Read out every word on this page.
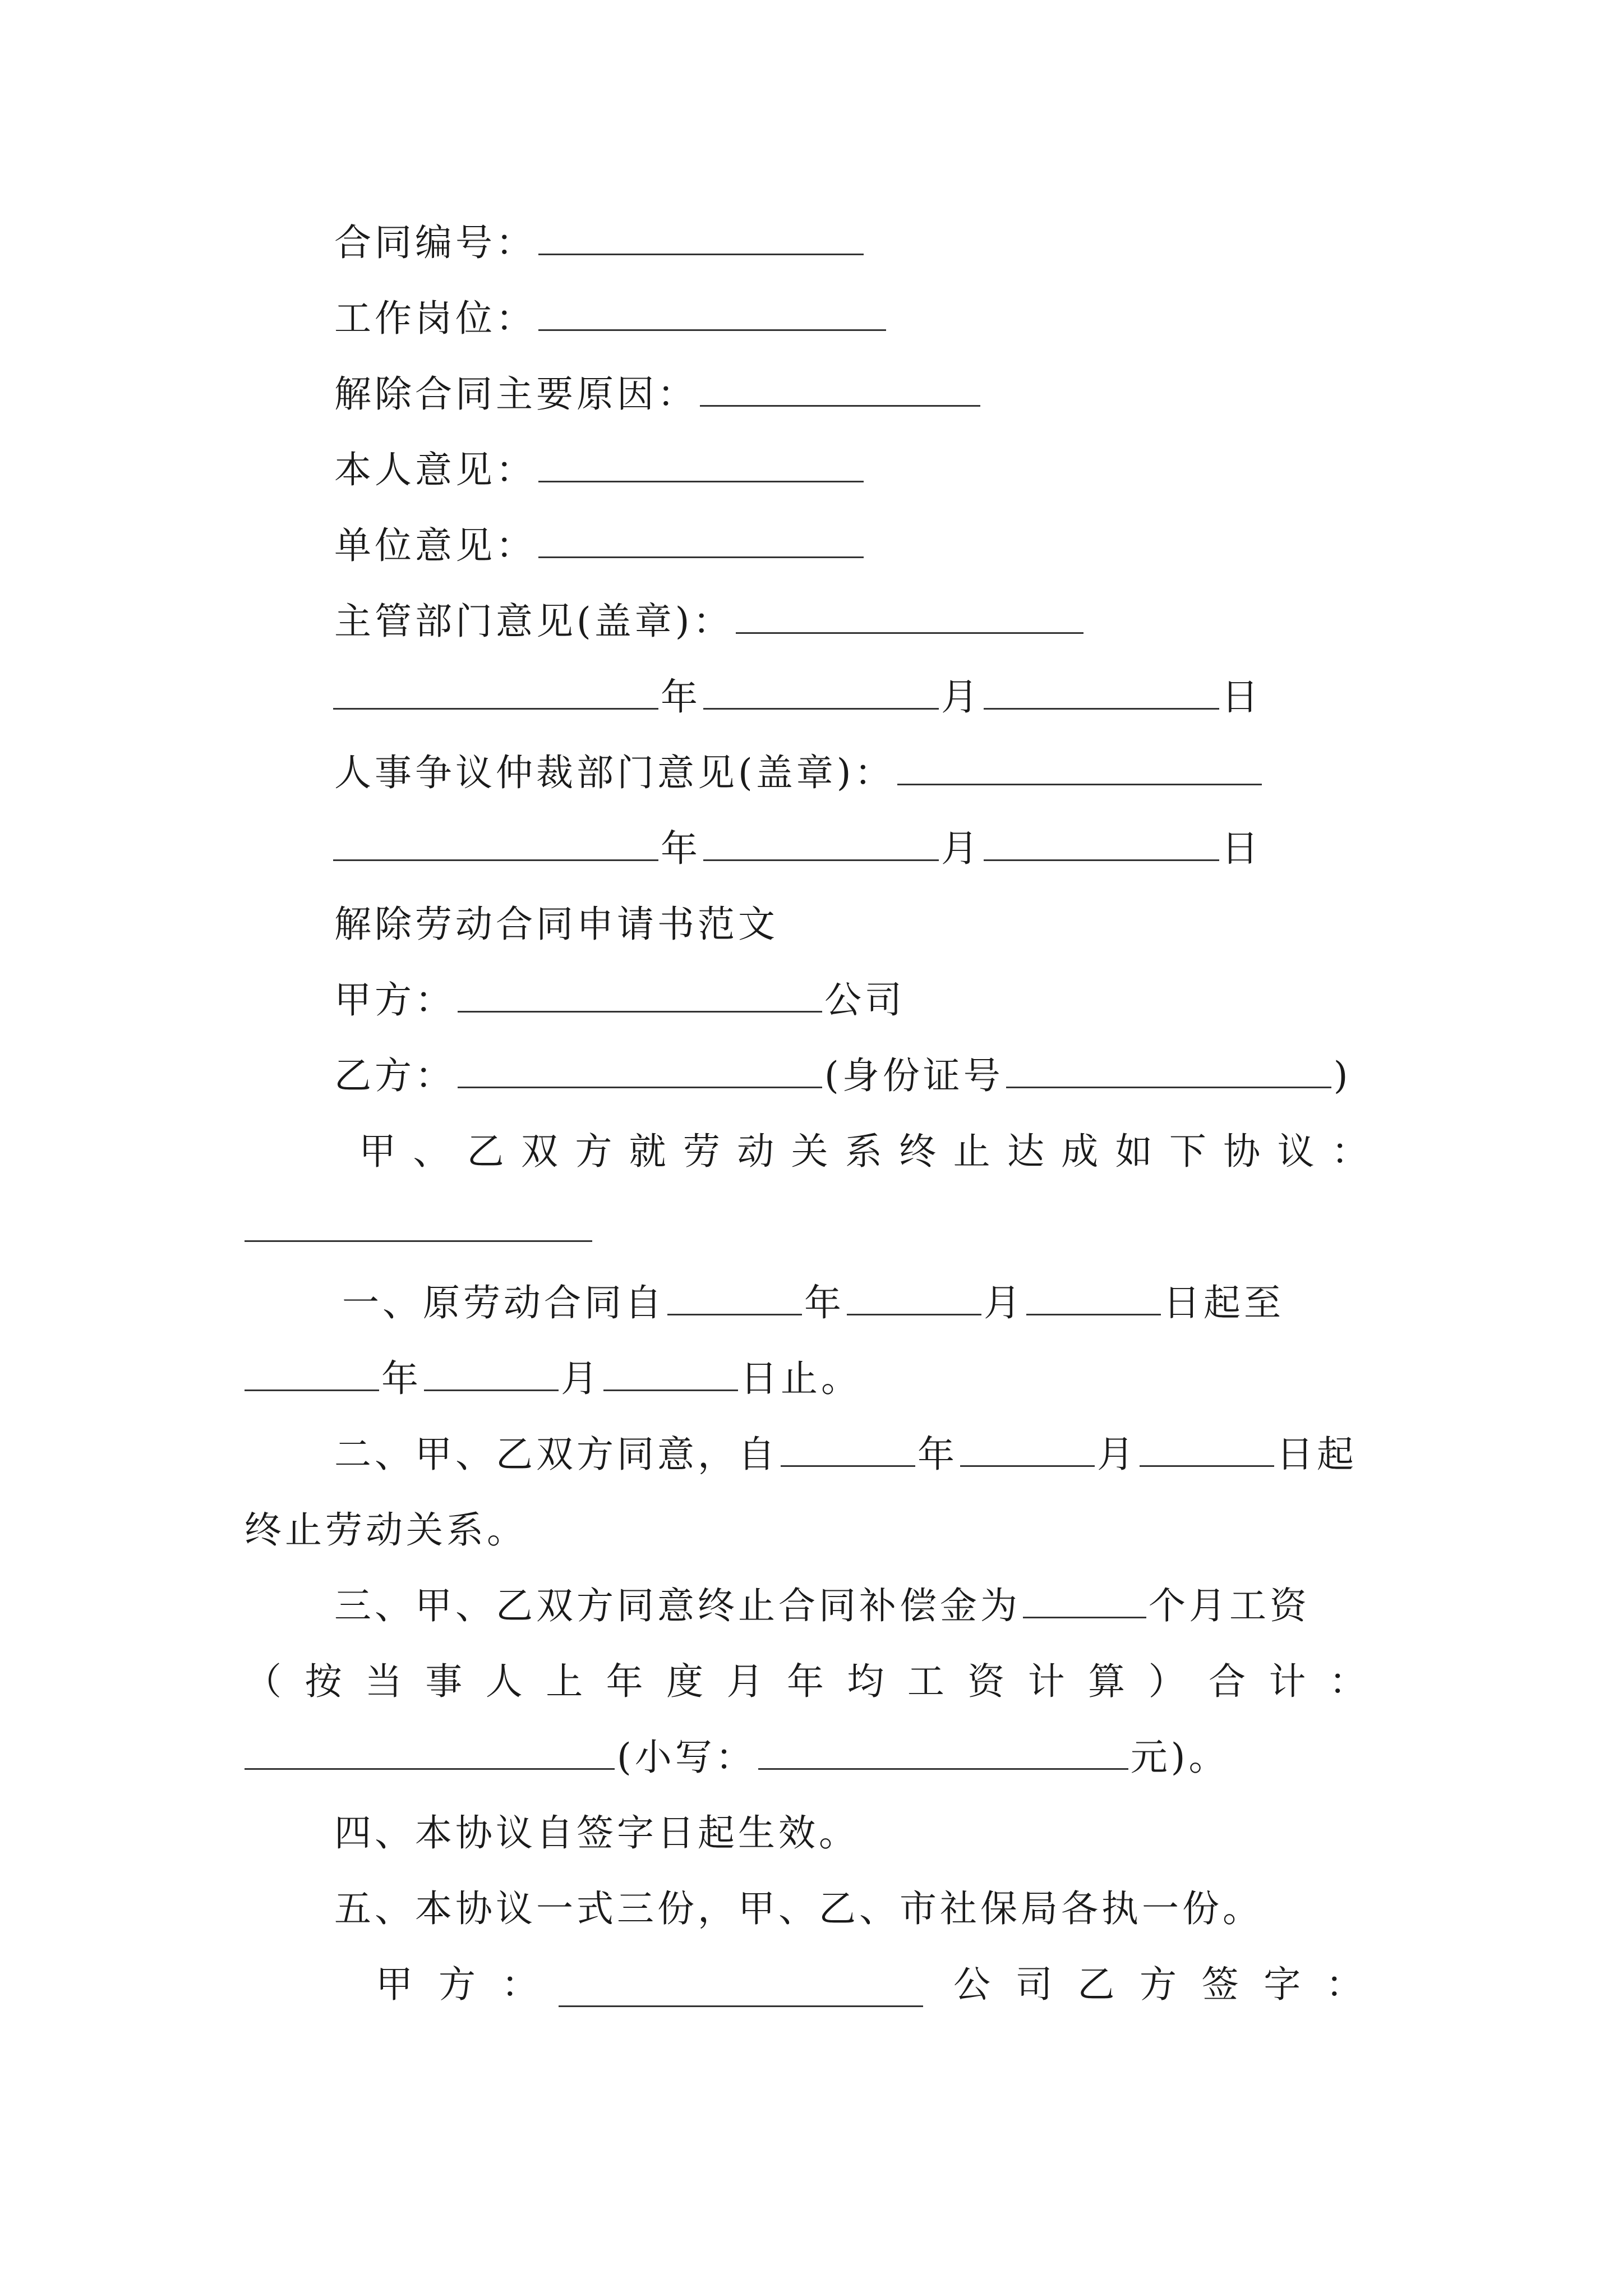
合同编号：
工作岗位：
解除合同主要原因：
本人意见：
单位意见：
主管部门意见(盖章)：
年	月	日
人事争议仲裁部门意见(盖章)：
年	月	日
解除劳动合同申请书范文
甲方：	公司
乙方：	(身份证号	)
甲 、 乙 双 方 就 劳 动 关 系 终 止 达 成 如 下 协 议 ：
一、原劳动合同自	年	月	日起至
年	月	日止。
二、甲、乙双方同意，自	年	月	日起
终止劳动关系。
三、甲、乙双方同意终止合同补偿金为	个月工资
（ 按 当 事 人 上 年 度 月 年 均 工 资 计 算 ） 合 计 ：
(小写：	元)。
四、本协议自签字日起生效。
五、本协议一式三份，甲、乙、市社保局各执一份。
甲 方 ：	公 司 乙 方 签 字 ：
